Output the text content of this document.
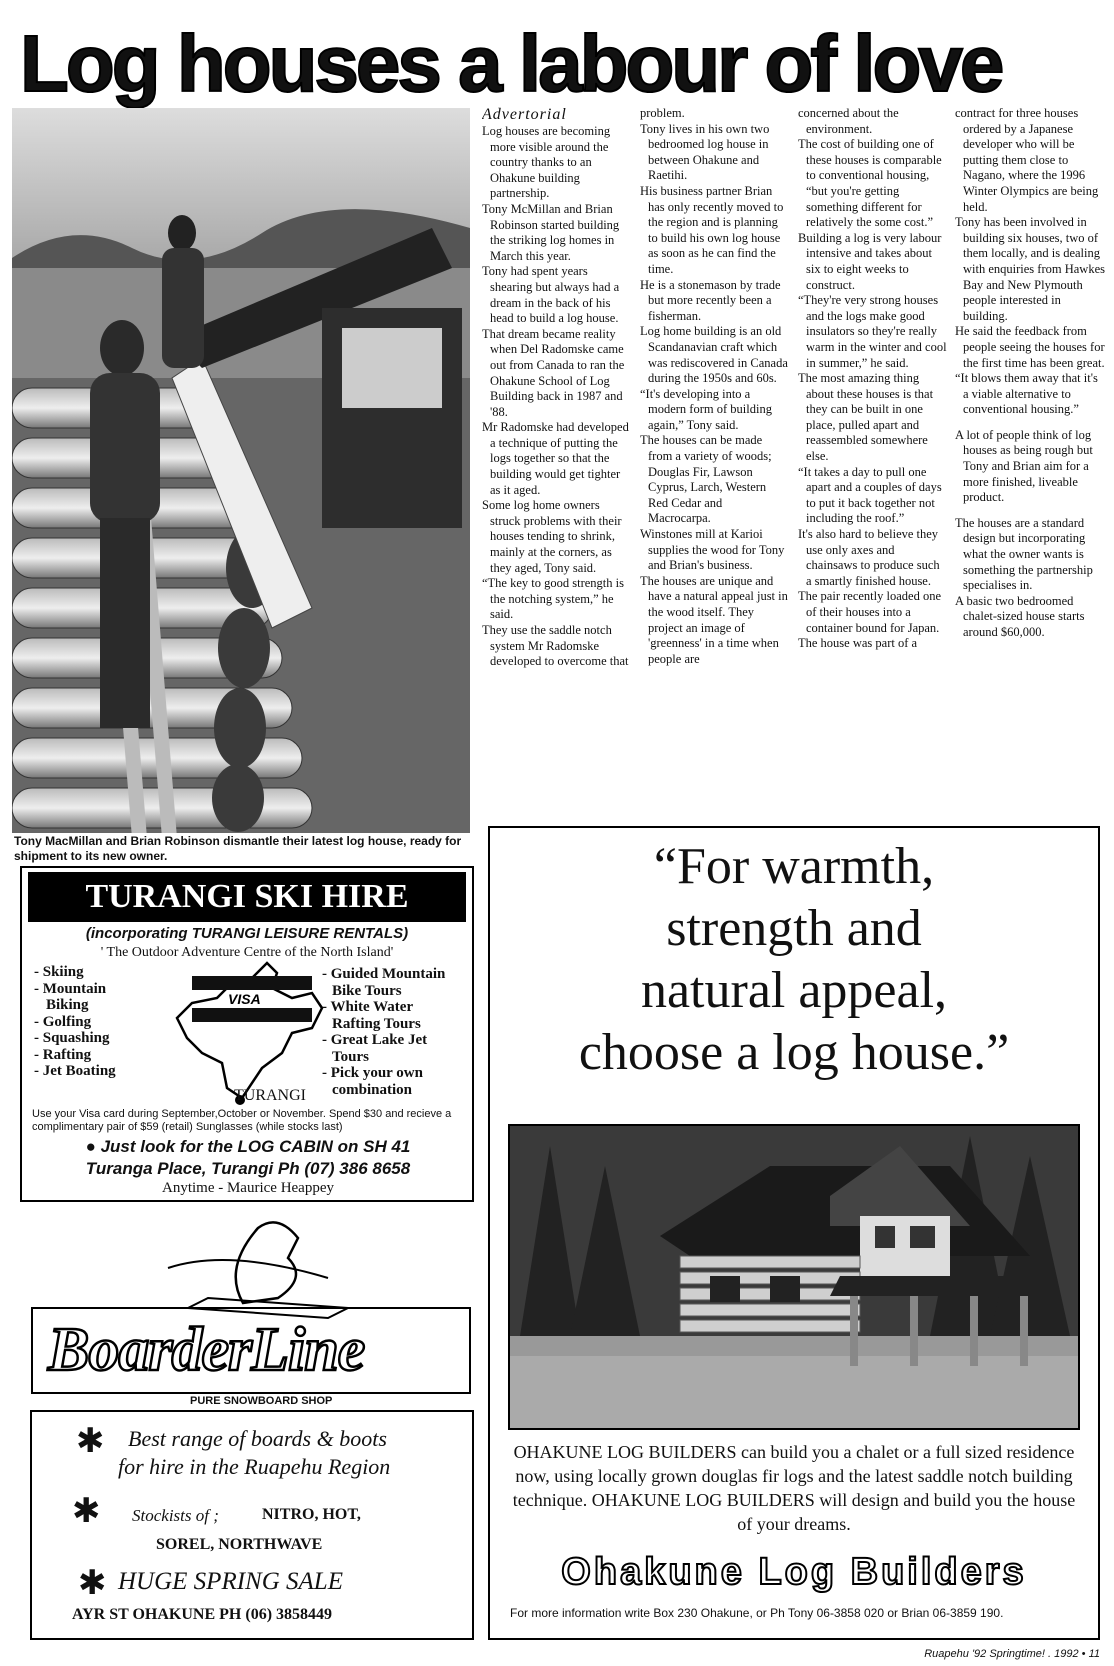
Log houses a labour of love
Tony MacMillan and Brian Robinson dismantle their latest log house, ready for shipment to its new owner.

Advertorial

Log houses are becoming more visible around the country thanks to an Ohakune building partnership.

Tony McMillan and Brian Robinson started building the striking log homes in March this year.

Tony had spent years shearing but always had a dream in the back of his head to build a log house.

That dream became reality when Del Radomske came out from Canada to ran the Ohakune School of Log Building back in 1987 and '88.

Mr Radomske had developed a technique of putting the logs together so that the building would get tighter as it aged.

Some log home owners struck problems with their houses tending to shrink, mainly at the corners, as they aged, Tony said.

“The key to good strength is the notching system,” he said.

They use the saddle notch system Mr Radomske developed to overcome that

problem.

Tony lives in his own two bedroomed log house in between Ohakune and Raetihi.

His business partner Brian has only recently moved to the region and is planning to build his own log house as soon as he can find the time.

He is a stonemason by trade but more recently been a fisherman.

Log home building is an old Scandanavian craft which was rediscovered in Canada during the 1950s and 60s.

“It's developing into a modern form of building again,” Tony said.

The houses can be made from a variety of woods; Douglas Fir, Lawson Cyprus, Larch, Western Red Cedar and Macrocarpa.

Winstones mill at Karioi supplies the wood for Tony and Brian's business.

The houses are unique and have a natural appeal just in the wood itself. They project an image of 'greenness' in a time when people are

concerned about the environment.

The cost of building one of these houses is comparable to conventional housing, “but you're getting something different for relatively the some cost.”

Building a log is very labour intensive and takes about six to eight weeks to construct.

“They're very strong houses and the logs make good insulators so they're really warm in the winter and cool in summer,” he said.

The most amazing thing about these houses is that they can be built in one place, pulled apart and reassembled somewhere else.

“It takes a day to pull one apart and a couples of days to put it back together not including the roof.”

It's also hard to believe they use only axes and chainsaws to produce such a smartly finished house.

The pair recently loaded one of their houses into a container bound for Japan.

The house was part of a

contract for three houses ordered by a Japanese developer who will be putting them close to Nagano, where the 1996 Winter Olympics are being held.

Tony has been involved in building six houses, two of them locally, and is dealing with enquiries from Hawkes Bay and New Plymouth people interested in building.

He said the feedback from people seeing the houses for the first time has been great.

“It blows them away that it's a viable alternative to conventional housing.”

A lot of people think of log houses as being rough but Tony and Brian aim for a more finished, liveable product.

The houses are a standard design but incorporating what the owner wants is something the partnership specialises in.

A basic two bedroomed chalet-sized house starts around $60,000.

TURANGI SKI HIRE
(incorporating TURANGI LEISURE RENTALS)
' The Outdoor Adventure Centre of the North Island'
- Skiing
- Mountain
Biking
- Golfing
- Squashing
- Rafting
- Jet Boating
VISA
TURANGI
- Guided Mountain
Bike Tours
- White Water
Rafting Tours
- Great Lake Jet
Tours
- Pick your own
combination
Use your Visa card during September,October or November. Spend $30 and recieve a complimentary pair of $59 (retail) Sunglasses (while stocks last)
● Just look for the LOG CABIN on SH 41
Turanga Place, Turangi Ph (07) 386 8658
Anytime - Maurice Heappey
BoarderLine
PURE SNOWBOARD SHOP
✱ Best range of boards & boots
for hire in the Ruapehu Region
✱ Stockists of ;	NITRO, HOT,
SOREL, NORTHWAVE
✱ HUGE SPRING SALE
AYR ST OHAKUNE PH (06) 3858449
“For warmth,
strength and
natural appeal,
choose a log house.”
OHAKUNE LOG BUILDERS can build you a chalet or a full sized residence now, using locally grown douglas fir logs and the latest saddle notch building technique. OHAKUNE LOG BUILDERS will design and build you the house of your dreams.
Ohakune Log Builders
For more information write Box 230 Ohakune, or Ph Tony 06-3858 020 or Brian 06-3859 190.
Ruapehu '92 Springtime! . 1992 • 11
